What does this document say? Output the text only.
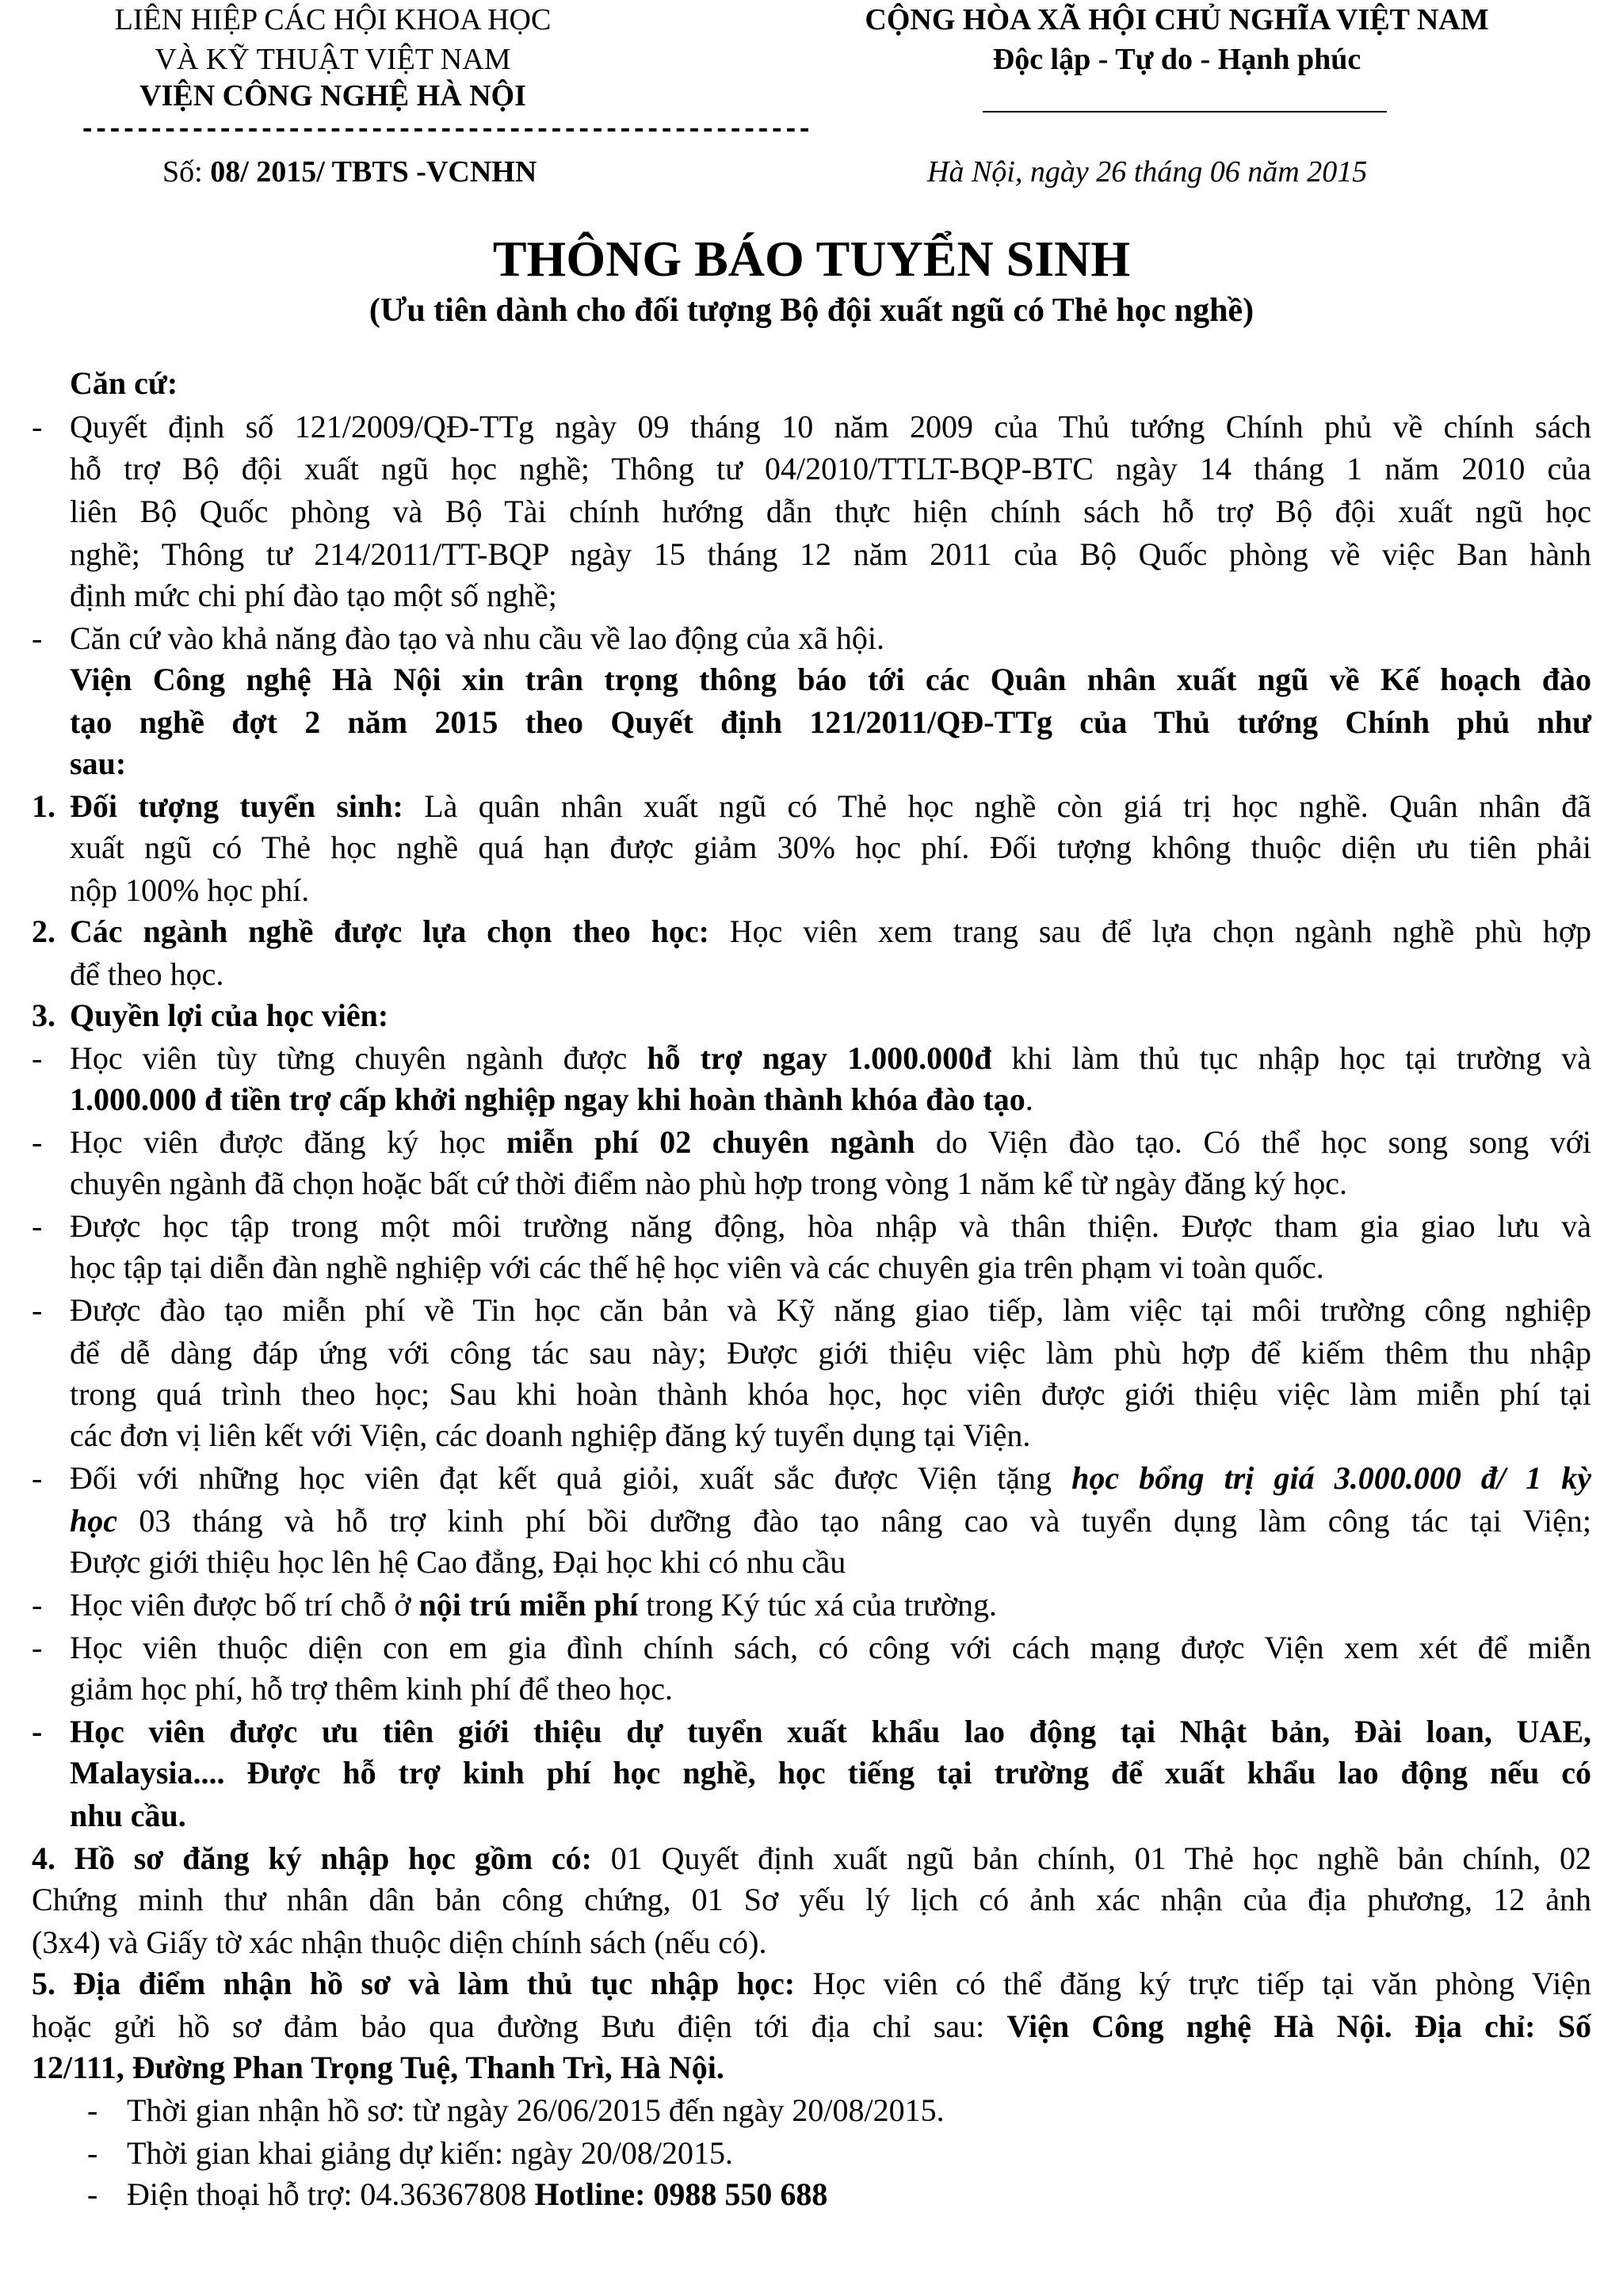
LIÊN HIỆP CÁC HỘI KHOA HỌC
VÀ KỸ THUẬT VIỆT NAM
VIỆN CÔNG NGHỆ HÀ NỘI
-----------------------------------------------------
CỘNG HÒA XÃ HỘI CHỦ NGHĨA VIỆT NAM
Độc lập - Tự do - Hạnh phúc
Số: 08/ 2015/ TBTS -VCNHN	Hà Nội, ngày 26 tháng 06 năm 2015
THÔNG BÁO TUYỂN SINH
(Ưu tiên dành cho đối tượng Bộ đội xuất ngũ có Thẻ học nghề)
Căn cứ:
- Quyết định số 121/2009/QĐ-TTg ngày 09 tháng 10 năm 2009 của Thủ tướng Chính phủ về chính sách
hỗ trợ Bộ đội xuất ngũ học nghề; Thông tư 04/2010/TTLT-BQP-BTC ngày 14 tháng 1 năm 2010 của
liên Bộ Quốc phòng và Bộ Tài chính hướng dẫn thực hiện chính sách hỗ trợ Bộ đội xuất ngũ học
nghề; Thông tư 214/2011/TT-BQP ngày 15 tháng 12 năm 2011 của Bộ Quốc phòng về việc Ban hành
định mức chi phí đào tạo một số nghề;
- Căn cứ vào khả năng đào tạo và nhu cầu về lao động của xã hội.
Viện Công nghệ Hà Nội xin trân trọng thông báo tới các Quân nhân xuất ngũ về Kế hoạch đào
tạo nghề đợt 2 năm 2015 theo Quyết định 121/2011/QĐ-TTg của Thủ tướng Chính phủ như
sau:
1. Đối tượng tuyển sinh: Là quân nhân xuất ngũ có Thẻ học nghề còn giá trị học nghề. Quân nhân đã
xuất ngũ có Thẻ học nghề quá hạn được giảm 30% học phí. Đối tượng không thuộc diện ưu tiên phải
nộp 100% học phí.
2. Các ngành nghề được lựa chọn theo học: Học viên xem trang sau để lựa chọn ngành nghề phù hợp
để theo học.
3. Quyền lợi của học viên:
- Học viên tùy từng chuyên ngành được hỗ trợ ngay 1.000.000đ khi làm thủ tục nhập học tại trường và
1.000.000 đ tiền trợ cấp khởi nghiệp ngay khi hoàn thành khóa đào tạo.
- Học viên được đăng ký học miễn phí 02 chuyên ngành do Viện đào tạo. Có thể học song song với
chuyên ngành đã chọn hoặc bất cứ thời điểm nào phù hợp trong vòng 1 năm kể từ ngày đăng ký học.
- Được học tập trong một môi trường năng động, hòa nhập và thân thiện. Được tham gia giao lưu và
học tập tại diễn đàn nghề nghiệp với các thế hệ học viên và các chuyên gia trên phạm vi toàn quốc.
- Được đào tạo miễn phí về Tin học căn bản và Kỹ năng giao tiếp, làm việc tại môi trường công nghiệp
để dễ dàng đáp ứng với công tác sau này; Được giới thiệu việc làm phù hợp để kiếm thêm thu nhập
trong quá trình theo học; Sau khi hoàn thành khóa học, học viên được giới thiệu việc làm miễn phí tại
các đơn vị liên kết với Viện, các doanh nghiệp đăng ký tuyển dụng tại Viện.
- Đối với những học viên đạt kết quả giỏi, xuất sắc được Viện tặng học bổng trị giá 3.000.000 đ/ 1 kỳ
học 03 tháng và hỗ trợ kinh phí bồi dưỡng đào tạo nâng cao và tuyển dụng làm công tác tại Viện;
Được giới thiệu học lên hệ Cao đẳng, Đại học khi có nhu cầu
- Học viên được bố trí chỗ ở nội trú miễn phí trong Ký túc xá của trường.
- Học viên thuộc diện con em gia đình chính sách, có công với cách mạng được Viện xem xét để miễn
giảm học phí, hỗ trợ thêm kinh phí để theo học.
- Học viên được ưu tiên giới thiệu dự tuyển xuất khẩu lao động tại Nhật bản, Đài loan, UAE,
Malaysia.... Được hỗ trợ kinh phí học nghề, học tiếng tại trường để xuất khẩu lao động nếu có
nhu cầu.
4. Hồ sơ đăng ký nhập học gồm có: 01 Quyết định xuất ngũ bản chính, 01 Thẻ học nghề bản chính, 02
Chứng minh thư nhân dân bản công chứng, 01 Sơ yếu lý lịch có ảnh xác nhận của địa phương, 12 ảnh
(3x4) và Giấy tờ xác nhận thuộc diện chính sách (nếu có).
5. Địa điểm nhận hồ sơ và làm thủ tục nhập học: Học viên có thể đăng ký trực tiếp tại văn phòng Viện
hoặc gửi hồ sơ đảm bảo qua đường Bưu điện tới địa chỉ sau: Viện Công nghệ Hà Nội. Địa chỉ: Số
12/111, Đường Phan Trọng Tuệ, Thanh Trì, Hà Nội.
- Thời gian nhận hồ sơ: từ ngày 26/06/2015 đến ngày 20/08/2015.
- Thời gian khai giảng dự kiến: ngày 20/08/2015.
- Điện thoại hỗ trợ: 04.36367808 Hotline: 0988 550 688
